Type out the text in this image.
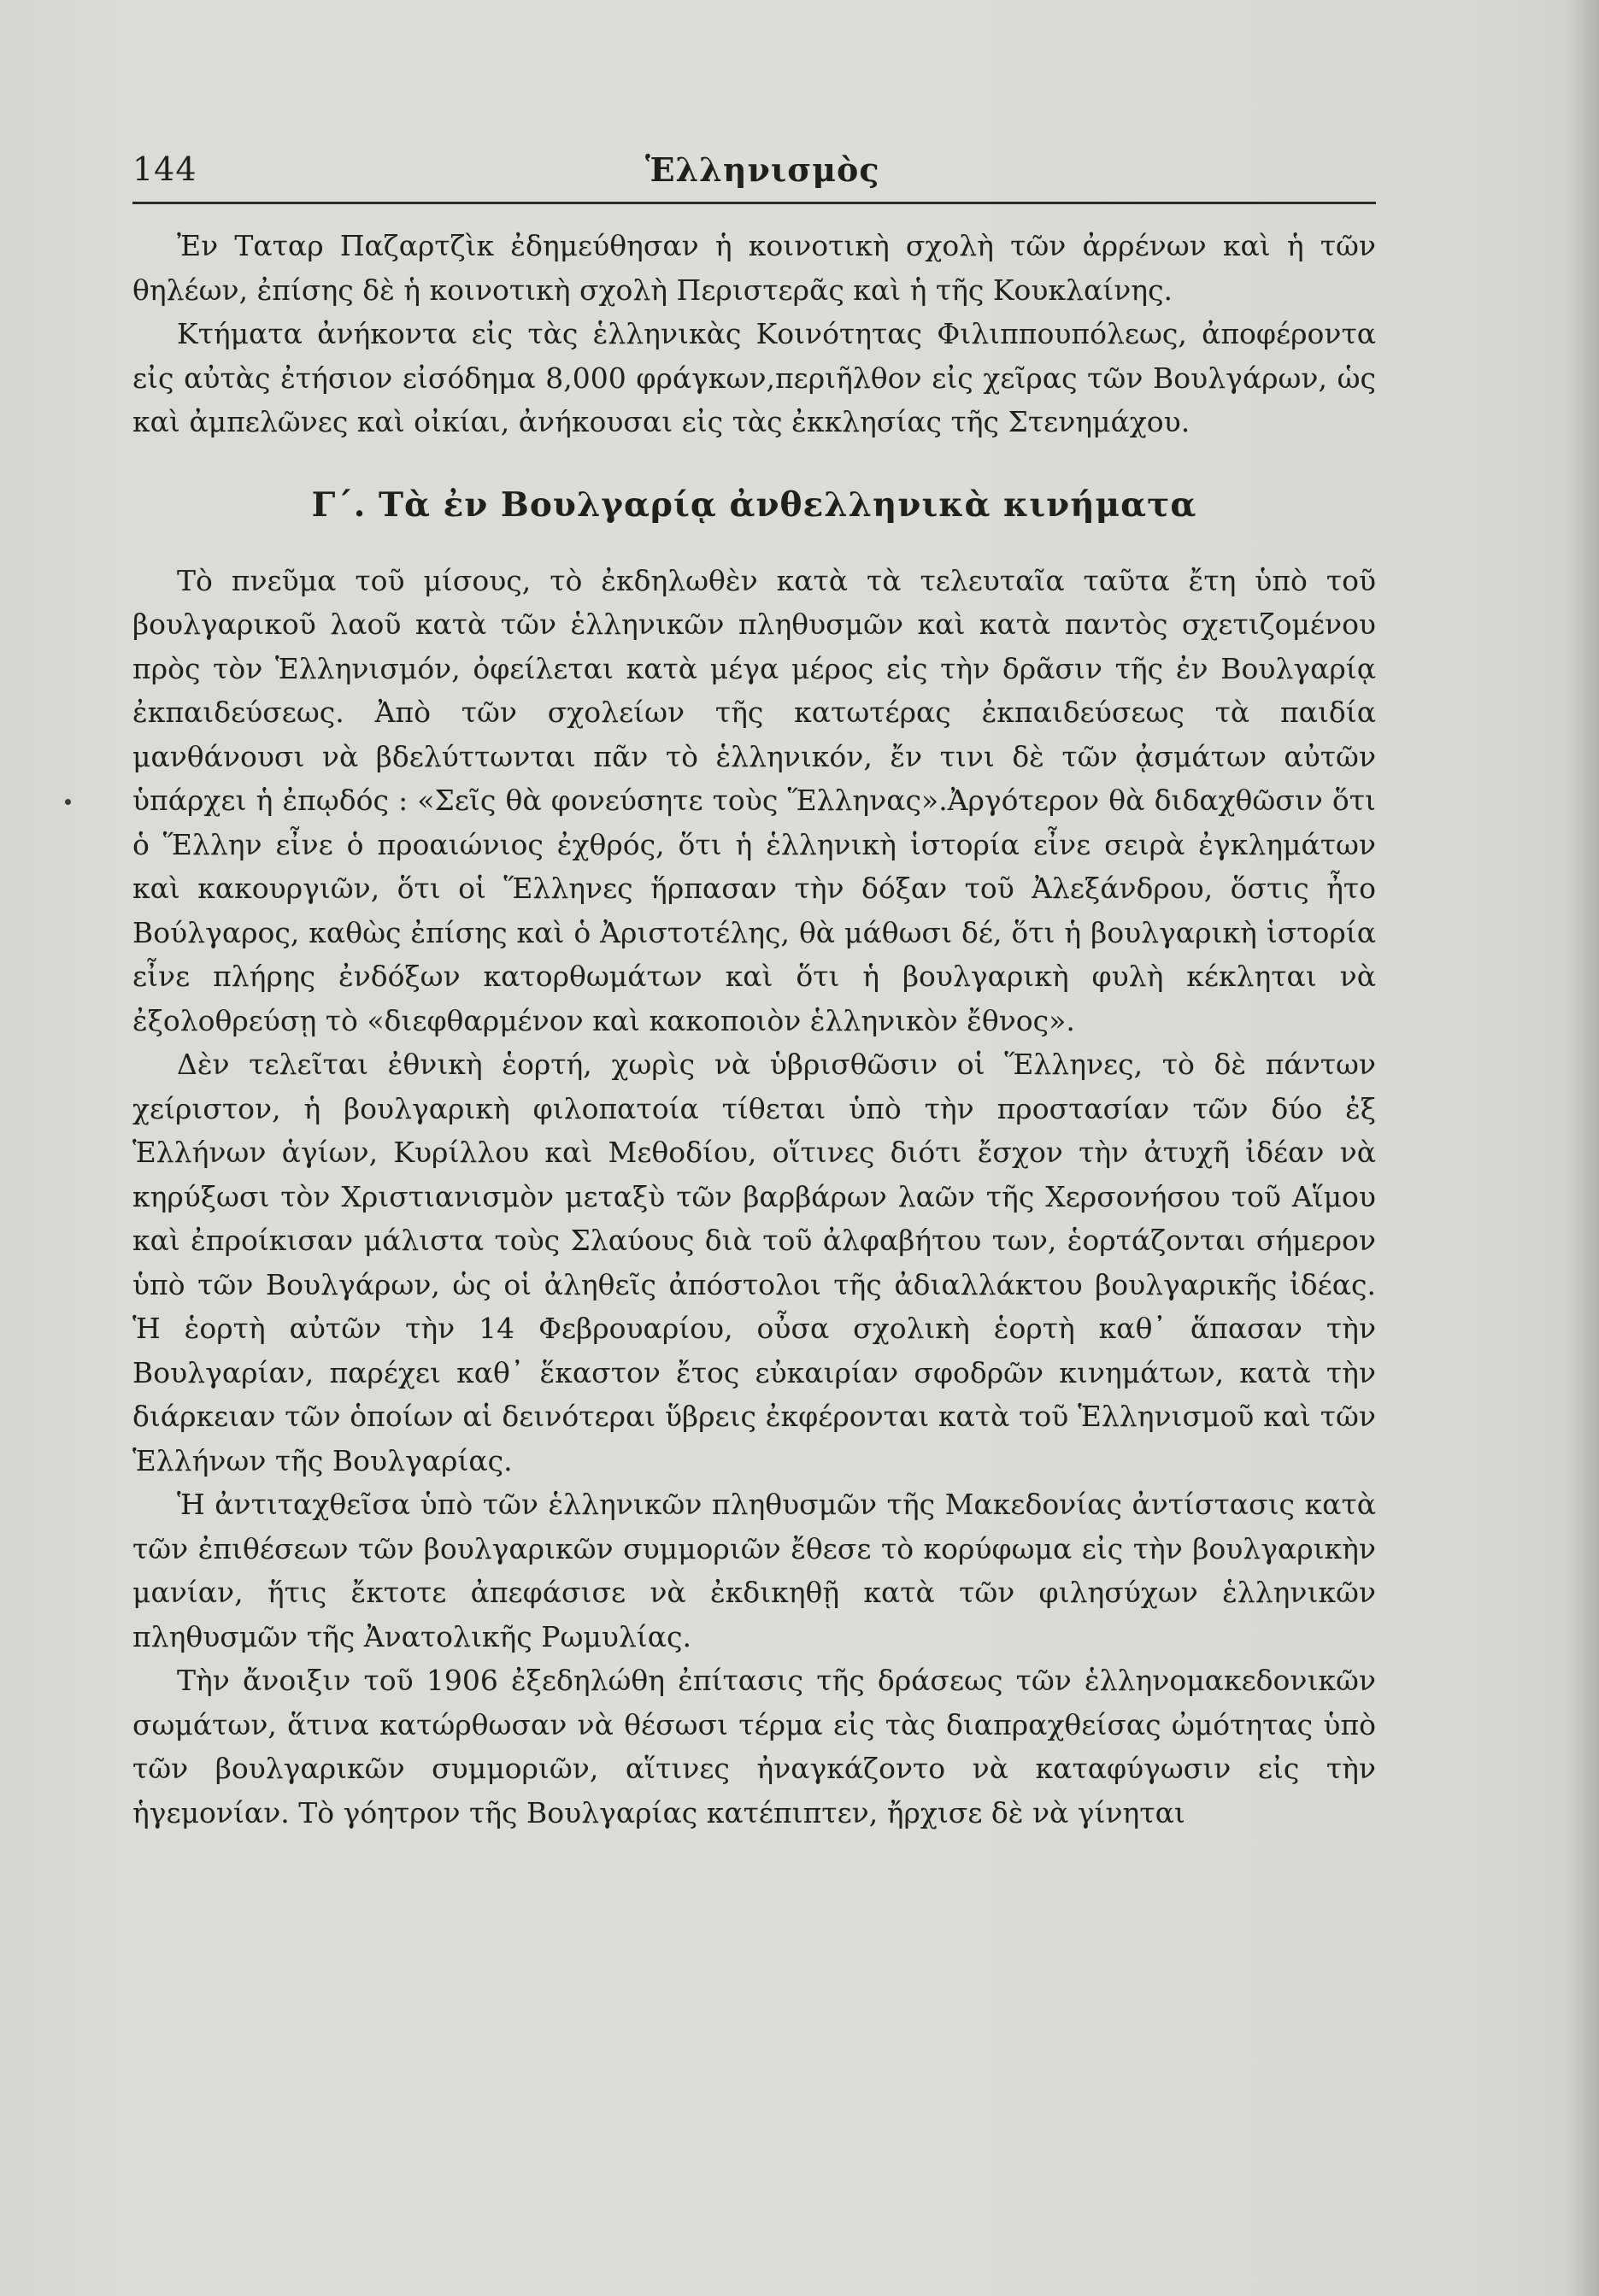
144	Ἑλληνισμὸς

Ἐν Ταταρ Παζαρτζὶκ ἐδημεύθησαν ἡ κοινοτικὴ σχολὴ τῶν ἀρρένων καὶ ἡ τῶν θηλέων, ἐπίσης δὲ ἡ κοινοτικὴ σχολὴ Περιστερᾶς καὶ ἡ τῆς Κουκλαίνης.

Κτήματα ἀνήκοντα εἰς τὰς ἑλληνικὰς Κοινότητας Φιλιππουπόλεως, ἀποφέροντα εἰς αὐτὰς ἐτήσιον εἰσόδημα 8,000 φράγκων,περιῆλθον εἰς χεῖρας τῶν Βουλγάρων, ὡς καὶ ἀμπελῶνες καὶ οἰκίαι, ἀνήκουσαι εἰς τὰς ἐκκλησίας τῆς Στενημάχου.

Γ΄. Τὰ ἐν Βουλγαρίᾳ ἀνθελληνικὰ κινήματα

Τὸ πνεῦμα τοῦ μίσους, τὸ ἐκδηλωθὲν κατὰ τὰ τελευταῖα ταῦτα ἔτη ὑπὸ τοῦ βουλγαρικοῦ λαοῦ κατὰ τῶν ἑλληνικῶν πληθυσμῶν καὶ κατὰ παντὸς σχετιζομένου πρὸς τὸν Ἑλληνισμόν, ὀφείλεται κατὰ μέγα μέρος εἰς τὴν δρᾶσιν τῆς ἐν Βουλγαρίᾳ ἐκπαιδεύσεως. Ἀπὸ τῶν σχολείων τῆς κατωτέρας ἐκπαιδεύσεως τὰ παιδία μανθάνουσι νὰ βδελύττωνται πᾶν τὸ ἑλληνικόν, ἔν τινι δὲ τῶν ᾀσμάτων αὐτῶν ὑπάρχει ἡ ἐπῳδός : «Σεῖς θὰ φονεύσητε τοὺς Ἕλληνας».Ἀργότερον θὰ διδαχθῶσιν ὅτι ὁ Ἕλλην εἶνε ὁ προαιώνιος ἐχθρός, ὅτι ἡ ἑλληνικὴ ἱστορία εἶνε σειρὰ ἐγκλημάτων καὶ κακουργιῶν, ὅτι οἱ Ἕλληνες ἥρπασαν τὴν δόξαν τοῦ Ἀλεξάνδρου, ὅστις ἦτο Βούλγαρος, καθὼς ἐπίσης καὶ ὁ Ἀριστοτέλης, θὰ μάθωσι δέ, ὅτι ἡ βουλγαρικὴ ἱστορία εἶνε πλήρης ἐνδόξων κατορθωμάτων καὶ ὅτι ἡ βουλγαρικὴ φυλὴ κέκληται νὰ ἐξολοθρεύσῃ τὸ «διεφθαρμένον καὶ κακοποιὸν ἑλληνικὸν ἔθνος».

Δὲν τελεῖται ἐθνικὴ ἑορτή, χωρὶς νὰ ὑβρισθῶσιν οἱ Ἕλληνες, τὸ δὲ πάντων χείριστον, ἡ βουλγαρικὴ φιλοπατοία τίθεται ὑπὸ τὴν προστασίαν τῶν δύο ἐξ Ἑλλήνων ἁγίων, Κυρίλλου καὶ Μεθοδίου, οἵτινες διότι ἔσχον τὴν ἀτυχῆ ἰδέαν νὰ κηρύξωσι τὸν Χριστιανισμὸν μεταξὺ τῶν βαρβάρων λαῶν τῆς Χερσονήσου τοῦ Αἵμου καὶ ἐπροίκισαν μάλιστα τοὺς Σλαύους διὰ τοῦ ἀλφαβήτου των, ἑορτάζονται σήμερον ὑπὸ τῶν Βουλγάρων, ὡς οἱ ἀληθεῖς ἀπόστολοι τῆς ἀδιαλλάκτου βουλγαρικῆς ἰδέας. Ἡ ἑορτὴ αὐτῶν τὴν 14 Φεβρουαρίου, οὖσα σχολικὴ ἑορτὴ καθ᾽ ἅπασαν τὴν Βουλγαρίαν, παρέχει καθ᾽ ἕκαστον ἔτος εὐκαιρίαν σφοδρῶν κινημάτων, κατὰ τὴν διάρκειαν τῶν ὁποίων αἱ δεινότεραι ὕβρεις ἐκφέρονται κατὰ τοῦ Ἑλληνισμοῦ καὶ τῶν Ἑλλήνων τῆς Βουλγαρίας.

Ἡ ἀντιταχθεῖσα ὑπὸ τῶν ἑλληνικῶν πληθυσμῶν τῆς Μακεδονίας ἀντίστασις κατὰ τῶν ἐπιθέσεων τῶν βουλγαρικῶν συμμοριῶν ἔθεσε τὸ κορύφωμα εἰς τὴν βουλγαρικὴν μανίαν, ἥτις ἔκτοτε ἀπεφάσισε νὰ ἐκδικηθῇ κατὰ τῶν φιλησύχων ἑλληνικῶν πληθυσμῶν τῆς Ἀνατολικῆς Ρωμυλίας.

Τὴν ἄνοιξιν τοῦ 1906 ἐξεδηλώθη ἐπίτασις τῆς δράσεως τῶν ἑλληνομακεδονικῶν σωμάτων, ἅτινα κατώρθωσαν νὰ θέσωσι τέρμα εἰς τὰς διαπραχθείσας ὠμότητας ὑπὸ τῶν βουλγαρικῶν συμμοριῶν, αἵτινες ἠναγκάζοντο νὰ καταφύγωσιν εἰς τὴν ἡγεμονίαν. Τὸ γόητρον τῆς Βουλγαρίας κατέπιπτεν, ἤρχισε δὲ νὰ γίνηται
